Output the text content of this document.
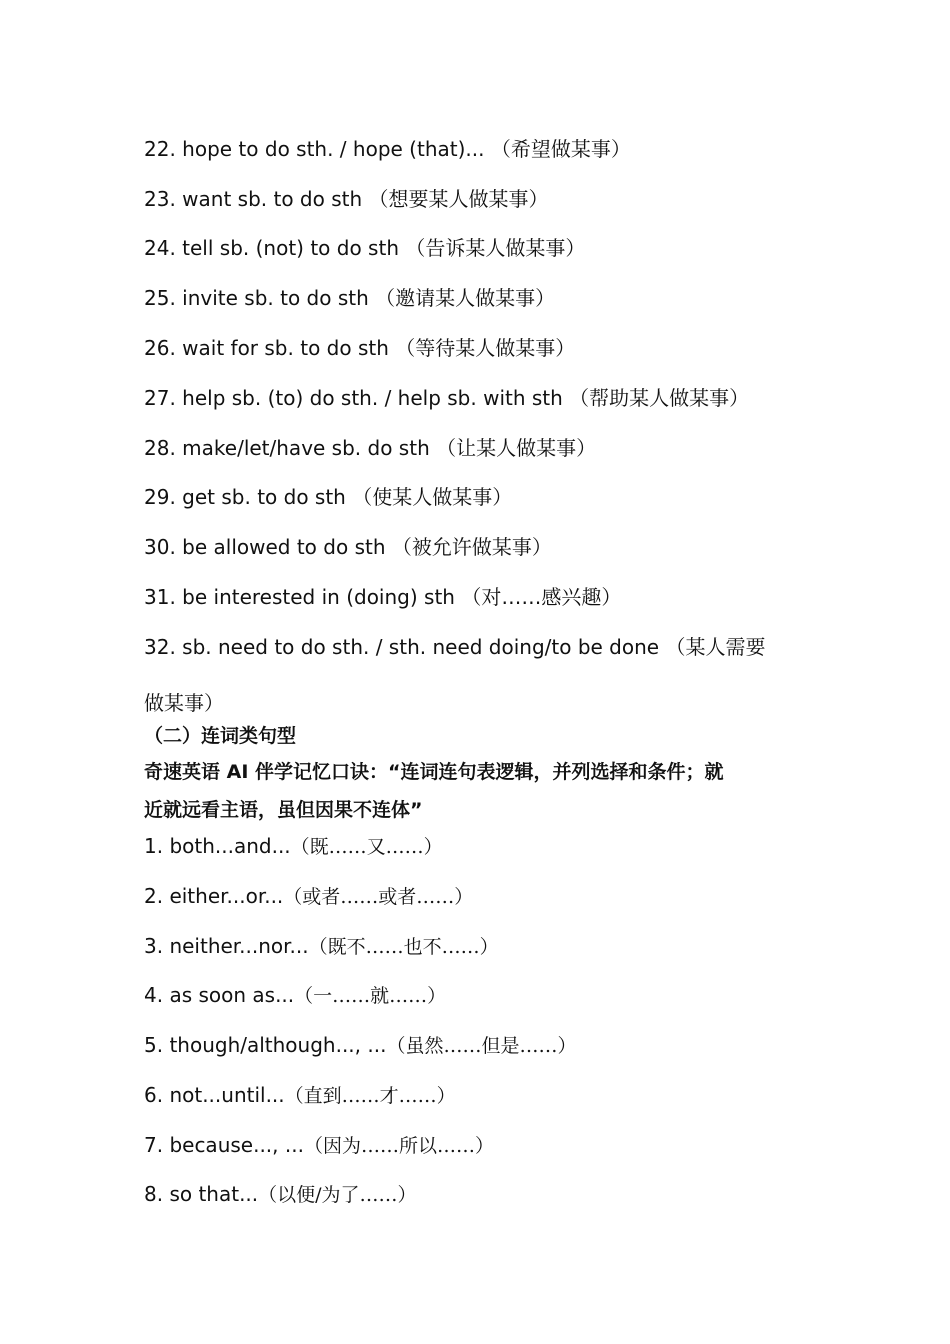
22. hope to do sth. / hope (that)... （希望做某事）
23. want sb. to do sth （想要某人做某事）
24. tell sb. (not) to do sth （告诉某人做某事）
25. invite sb. to do sth （邀请某人做某事）
26. wait for sb. to do sth （等待某人做某事）
27. help sb. (to) do sth. / help sb. with sth （帮助某人做某事）
28. make/let/have sb. do sth （让某人做某事）
29. get sb. to do sth （使某人做某事）
30. be allowed to do sth （被允许做某事）
31. be interested in (doing) sth （对……感兴趣）
32. sb. need to do sth. / sth. need doing/to be done （某人需要
做某事）
（二）连词类句型
奇速英语 AI 伴学记忆口诀：“连词连句表逻辑，并列选择和条件；就
近就远看主语，虽但因果不连体”
1. both...and...（既……又……）
2. either...or...（或者……或者……）
3. neither...nor...（既不……也不……）
4. as soon as...（一……就……）
5. though/although..., ...（虽然……但是……）
6. not...until...（直到……才……）
7. because..., ...（因为……所以……）
8. so that...（以便/为了……）
